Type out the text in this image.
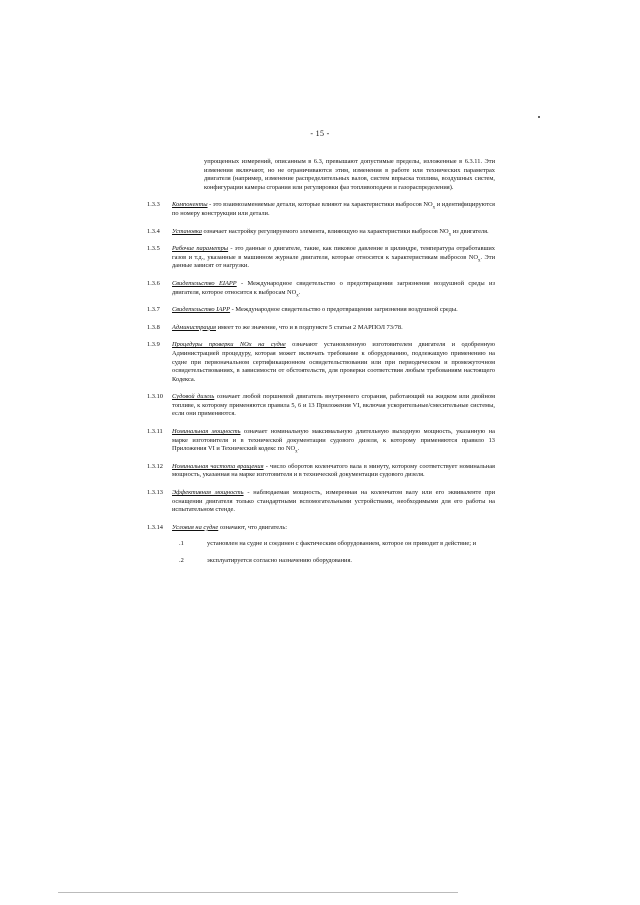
- 15 -
упрощенных измерений, описанным в 6.3, превышают допустимые пределы, изложенные в 6.3.11. Эти изменения включают, но не ограничиваются этим, изменения в работе или технических параметрах двигателя (например, изменение распределительных валов, систем впрыска топлива, воздушных систем, конфигурации камеры сгорания или регулировки фаз топливоподачи и газораспределения).
1.3.3	Компоненты - это взаимозаменяемые детали, которые влияют на характеристики выбросов $NO_x$ и идентифицируются по номеру конструкции или детали.
1.3.4	Установка означает настройку регулируемого элемента, влияющую на характеристики выбросов $NO_x$ из двигателя.
1.3.5	Рабочие параметры - это данные о двигателе, такие, как пиковое давление в цилиндре, температура отработавших газов и т.д., указанные в машинном журнале двигателя, которые относятся к характеристикам выбросов $NO_x$. Эти данные зависят от нагрузки.
1.3.6	Свидетельство EIAPP - Международное свидетельство о предотвращении загрязнения воздушной среды из двигателя, которое относится к выбросам $NO_x$.
1.3.7	Свидетельство IAPP - Международное свидетельство о предотвращении загрязнения воздушной среды.
1.3.8	Администрация имеет то же значение, что и в подпункте 5 статьи 2 МАРПОЛ 73/78.
1.3.9	Процедуры проверки NOx на судне означают установленную изготовителем двигателя и одобренную Администрацией процедуру, которая может включать требование к оборудованию, подлежащую применению на судне при первоначальном сертификационном освидетельствовании или при периодическом и промежуточном освидетельствованиях, в зависимости от обстоятельств, для проверки соответствия любым требованиям настоящего Кодекса.
1.3.10	Судовой дизель означает любой поршневой двигатель внутреннего сгорания, работающий на жидком или двойном топливе, к которому применяются правила 5, 6 и 13 Приложения VI, включая ускорительные/смесительные системы, если они применяются.
1.3.11	Номинальная мощность означает номинальную максимальную длительную выходную мощность, указанную на марке изготовителя и в технической документации судового дизеля, к которому применяются правило 13 Приложения VI и Технический кодекс по $NO_x$.
1.3.12	Номинальная частота вращения - число оборотов коленчатого вала в минуту, которому соответствует номинальная мощность, указанная на марке изготовителя и в технической документации судового дизеля.
1.3.13	Эффективная мощность - наблюдаемая мощность, измеренная на коленчатом валу или его эквиваленте при оснащении двигателя только стандартными вспомогательными устройствами, необходимыми для его работы на испытательном стенде.
1.3.14	Условия на судне означают, что двигатель:
.1	установлен на судне и соединен с фактическим оборудованием, которое он приводит в действие; и
.2	эксплуатируется согласно назначению оборудования.
